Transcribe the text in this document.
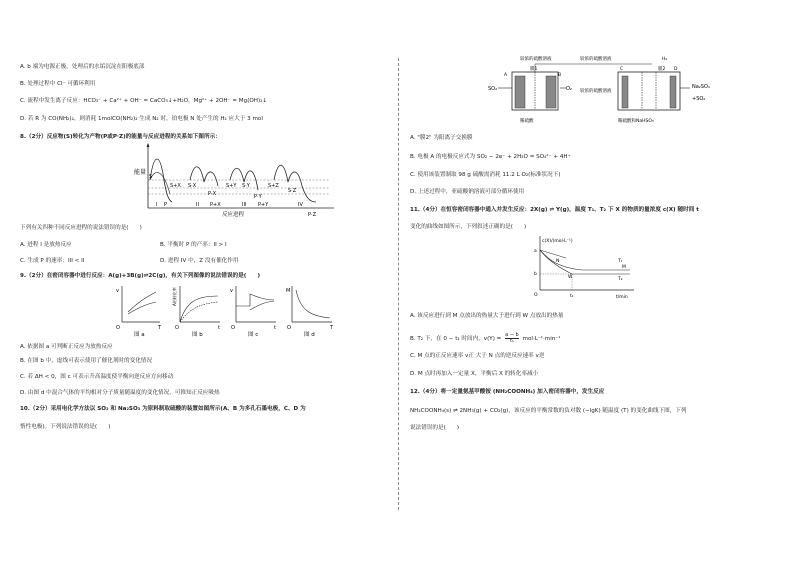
A. b 端为电源正极，处理后的水垢沉淀在阳极底部
B. 处理过程中 Cl⁻ 可循环利用
C. 流程中发生离子反应：HCO₃⁻ + Ca²⁺ + OH⁻ = CaCO₃↓+H₂O，Mg²⁺ + 2OH⁻ = Mg(OH)₂↓
D. 若 R 为 CO(NH₂)₂，则消耗 1molCO(NH₂)₂ 生成 N₂ 时，铂电极 N 处产生的 H₂ 应大于 3 mol
8.（2分）反应物(S)转化为产物(P或P·Z)的能量与反应进程的关系如下图所示：
能量
S
S+X S·X
P·X
S+Y S·Y
P·Y
S+Z
S·Z
P·Z
P	P+X	P+Y
I	II	III	IV
反应进程
下列有关四种不同反应进程的说法错误的是(　　)
A. 进程 I 是放热反应	B. 平衡时 P 的产率：II > I
C. 生成 P 的速率：III < II	D. 进程 IV 中，Z 没有催化作用
9.（2分）在密闭容器中进行反应：A(g)+3B(g)⇌2C(g)，有关下列图像的说法错误的是(　　)
v
T
O
图 a
A的转化率
t
O
图 b
v
t
O
图 c
M
T
O
图 d
A. 依据图 a 可判断正反应为放热反应
B. 在图 b 中，虚线可表示使用了催化剂时的变化情况
C. 若 ΔH < 0，图 c 可表示升高温度使平衡向逆反应方向移动
D. 由图 d 中混合气体的平均相对分子质量随温度的变化情况，可推知正反应吸热
10.（2分）采用电化学方法以 SO₂ 和 Na₂SO₃ 为原料制取硫酸的装置如图所示(A、B 为多孔石墨电极，C、D 为
惰性电极)。下列说法错误的是(　　)
A	B
膜1
SO₂	O₂
较浓的硫酸溶液
稀硫酸
C	D
膜2
H₂
较浓的硫酸溶液
较浓的硫酸溶液
稀硫酸和NaHSO₃
Na₂SO₃
+SO₂
A. "膜2" 为阳离子交换膜
B. 电极 A 的电极反应式为 SO₂ − 2e⁻ + 2H₂O = SO₄²⁻ + 4H⁺
C. 使用该装置制取 98 g 硫酸需消耗 11.2 L O₂(标准状况下)
D. 上述过程中，亚硫酸钠溶液可部分循环使用
11.（4分）在恒容密闭容器中通入并发生反应：2X(g) ⇌ Y(g)，温度 T₁、T₂ 下 X 的物质的量浓度 c(X) 随时间 t
变化的曲线如图所示，下列叙述正确的是(　　)
c(X)/(mol·L⁻¹)
t/min
O
a
b
t₁
W
N
M
T₁
T₂
A. 该反应进行到 M 点放出的热量大于进行到 W 点放出的热量
B. T₂ 下，在 0 − t₁ 时间内，$v(Y) = \frac{a - b}{\text{t₁}} mol\cdot L^{-1}\cdot\min^{-1}$
C. M 点的正反应速率 v正 大于 N 点的逆反应速率 v逆
D. M 点时再加入一定量 X，平衡后 X 的转化率减小
12.（4分）将一定量氨基甲酸铵 (NH₂COONH₄) 加入密闭容器中，发生反应
NH₂COONH₄(s) ⇌ 2NH₃(g) + CO₂(g)，该反应的平衡常数的负对数 (−lgK) 随温度 (T) 的变化曲线下图，下列
说法错误的是(　　)
